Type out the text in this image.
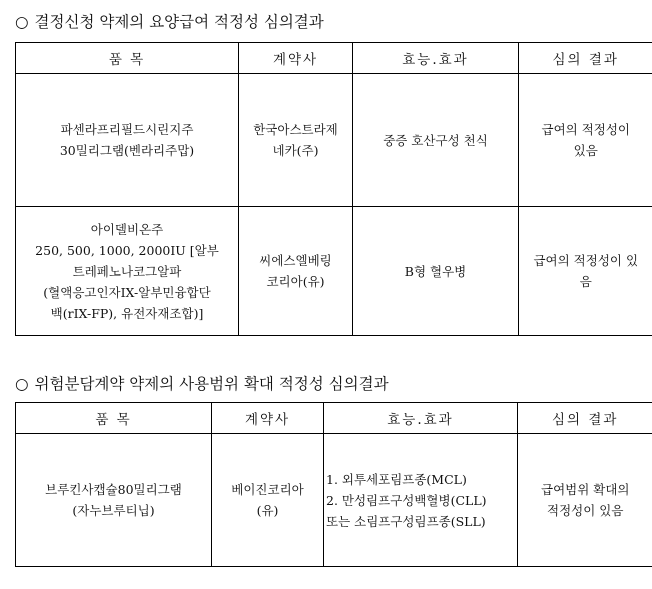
○ 결정신청 약제의 요양급여 적정성 심의결과
품 목	계약사	효능.효과	심의 결과
파센라프리필드시린지주
30밀리그램(벤라리주맙)	한국아스트라제
네카(주)	중증 호산구성 천식	급여의 적정성이
있음
아이델비온주
250, 500, 1000, 2000IU [알부
트레페노나코그알파
(혈액응고인자IX-알부민융합단
백(rIX-FP), 유전자재조합)]	씨에스엘베링
코리아(유)	B형 혈우병	급여의 적정성이 있
음
○ 위험분담계약 약제의 사용범위 확대 적정성 심의결과
품 목	계약사	효능.효과	심의 결과
브루킨사캡슐80밀리그램
(자누브루티닙)	베이진코리아
(유)	1. 외투세포림프종(MCL)
2. 만성림프구성백혈병(CLL)
또는 소림프구성림프종(SLL)	급여범위 확대의
적정성이 있음
